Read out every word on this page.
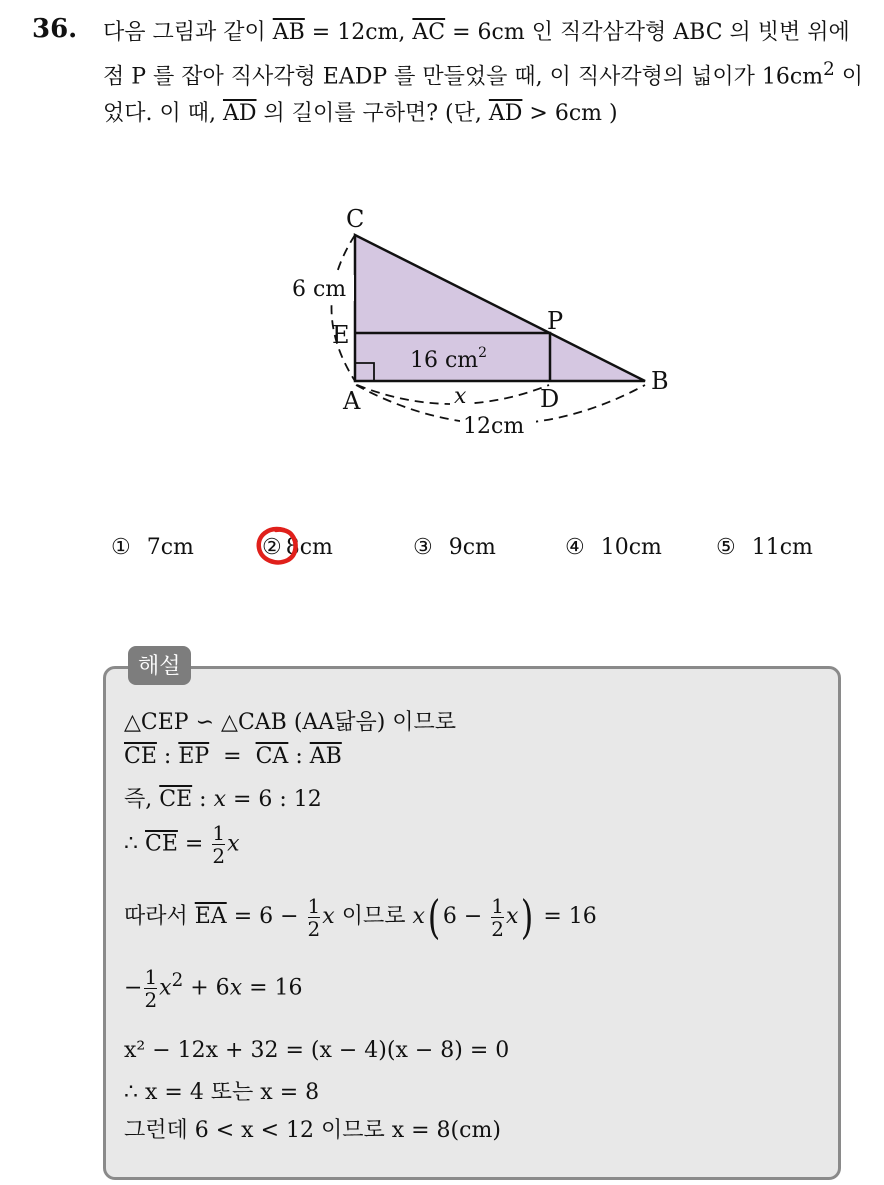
36. 다음 그림과 같이 $\overline{AB} = 12cm$, $\overline{AC} = 6cm$ 인 직각삼각형 ABC 의 빗변 위에 점 P 를 잡아 직사각형 EADP 를 만들었을 때, 이 직사각형의 넓이가 $16cm^2$ 이었다. 이 때, $\overline{AD}$ 의 길이를 구하면? (단, $\overline{AD} > 6cm$ )
C
P
E
B
A	D
6 cm
16 $cm^2$
x
12cm
① 7cm	② 8cm	③ 9cm	④ 10cm ⑤ 11cm
해설
△CEP ∽ △CAB (AA닮음) 이므로
$\overline{CE}$ : $\overline{EP} = \overline{CA}$ : $\overline{AB}$
즉, $\overline{CE}$ : x = 6 : 12
∴ $\overline{CE} = \frac{1}{2}$ x
따라서 $\overline{EA} = 6 - \frac{1}{2}$ x 이므로 x( $6 - \frac{1}{2} x) = 16$
− $\frac{1}{2} x^2 + 6x = 16$
x² − 12x + 32 = (x − 4)(x − 8) = 0
∴ x = 4 또는 x = 8
그런데 6 < x < 12 이므로 x = 8(cm)
